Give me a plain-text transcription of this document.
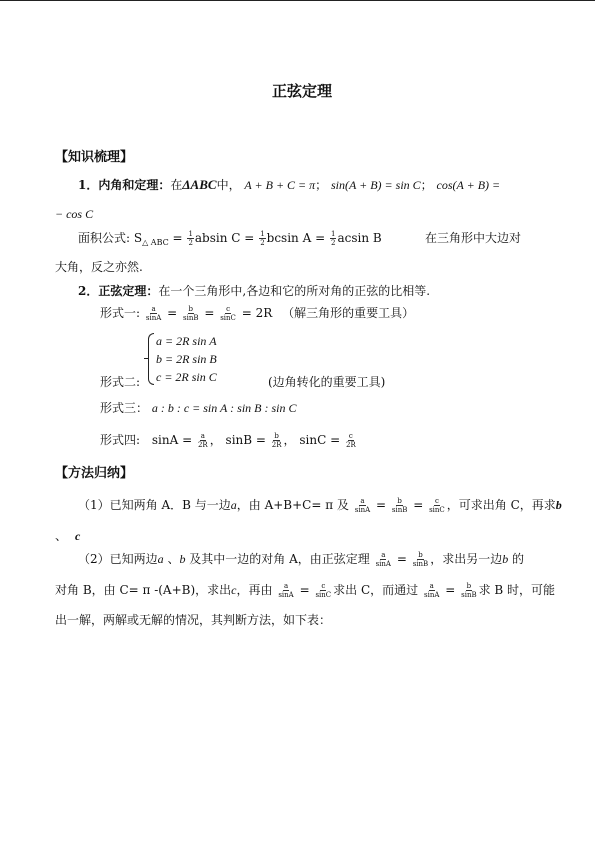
正弦定理
【知识梳理】
1．内角和定理：在ΔABC中， A + B + C = π； sin(A + B) = sin C； cos(A + B) =
− cos C
面积公式: $S_{\triangle ABC} = \frac{1}{2}$ absin $C = \frac{1}{2}$ bcsin $A = \frac{1}{2}$ acsin B	在三角形中大边对
大角，反之亦然.
2．正弦定理：在一个三角形中,各边和它的所对角的正弦的比相等.
形式一: $\frac{a}{\sin A} = \frac{b}{\sin B} = \frac{c}{\sin C} = 2R$ （解三角形的重要工具）
a = 2R sin A
b = 2R sin B
c = 2R sin C
形式二:	(边角转化的重要工具)
形式三： a : b : c = sin A : sin B : sin C
形式四: $\sin A = \frac{a}{2R}$ ， $\sin B = \frac{b}{2R}$ ， $\sin C = \frac{c}{2R}$
【方法归纳】
（1）已知两角 A．B 与一边a，由 A+B+C= π 及 $\frac{a}{\sin A} = \frac{b}{\sin B} = \frac{c}{\sin C}$ ，可求出角 C，再求b
、 c
（2）已知两边a 、b 及其中一边的对角 A，由正弦定理 $\frac{a}{\sin A} = \frac{b}{\sin B}$ ，求出另一边b 的
对角 B，由 C= π -(A+B)，求出c，再由 $\frac{a}{\sin A} = \frac{c}{\sin C}$ 求出 C，而通过 $\frac{a}{\sin A} = \frac{b}{\sin B}$ 求 B 时，可能
出一解，两解或无解的情况，其判断方法，如下表：
